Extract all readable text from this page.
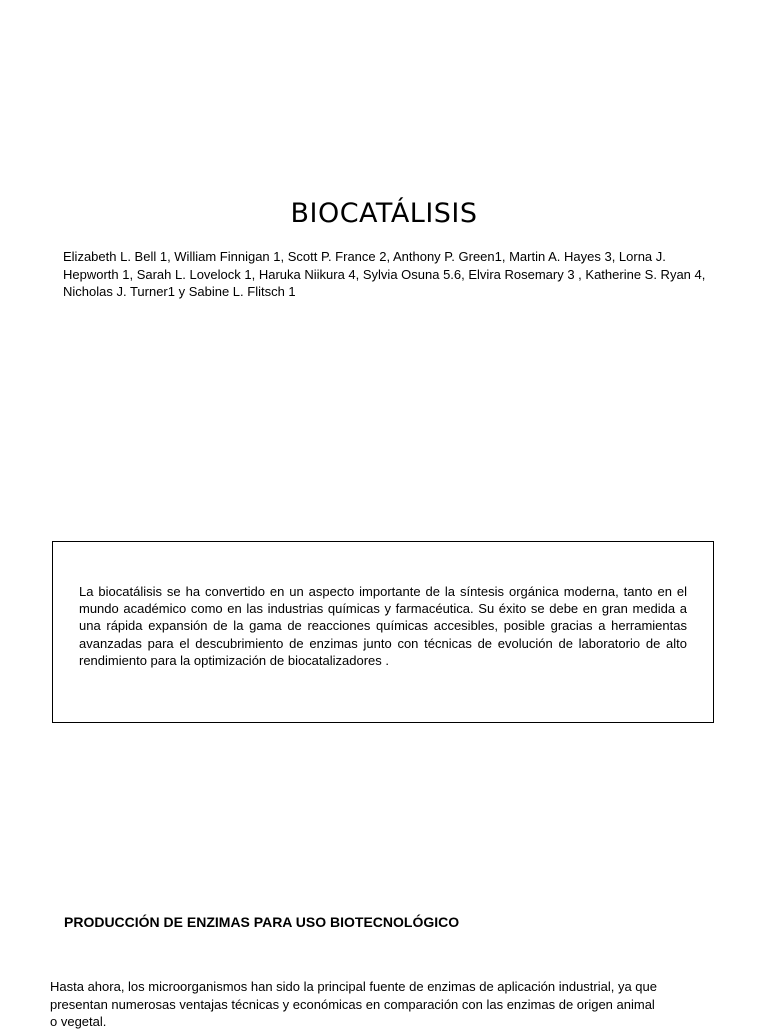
BIOCATÁLISIS
Elizabeth L. Bell 1, William Finnigan 1, Scott P. France 2, Anthony P. Green1, Martin A. Hayes 3, Lorna J. Hepworth 1, Sarah L. Lovelock 1, Haruka Niikura 4, Sylvia Osuna 5.6, Elvira Rosemary 3 , Katherine S. Ryan 4, Nicholas J. Turner1 y Sabine L. Flitsch 1
La biocatálisis se ha convertido en un aspecto importante de la síntesis orgánica moderna, tanto en el mundo académico como en las industrias químicas y farmacéutica. Su éxito se debe en gran medida a una rápida expansión de la gama de reacciones químicas accesibles, posible gracias a herramientas avanzadas para el descubrimiento de enzimas junto con técnicas de evolución de laboratorio de alto rendimiento para la optimización de biocatalizadores .
PRODUCCIÓN DE ENZIMAS PARA USO BIOTECNOLÓGICO
Hasta ahora, los microorganismos han sido la principal fuente de enzimas de aplicación industrial, ya que presentan numerosas ventajas técnicas y económicas en comparación con las enzimas de origen animal o vegetal.
